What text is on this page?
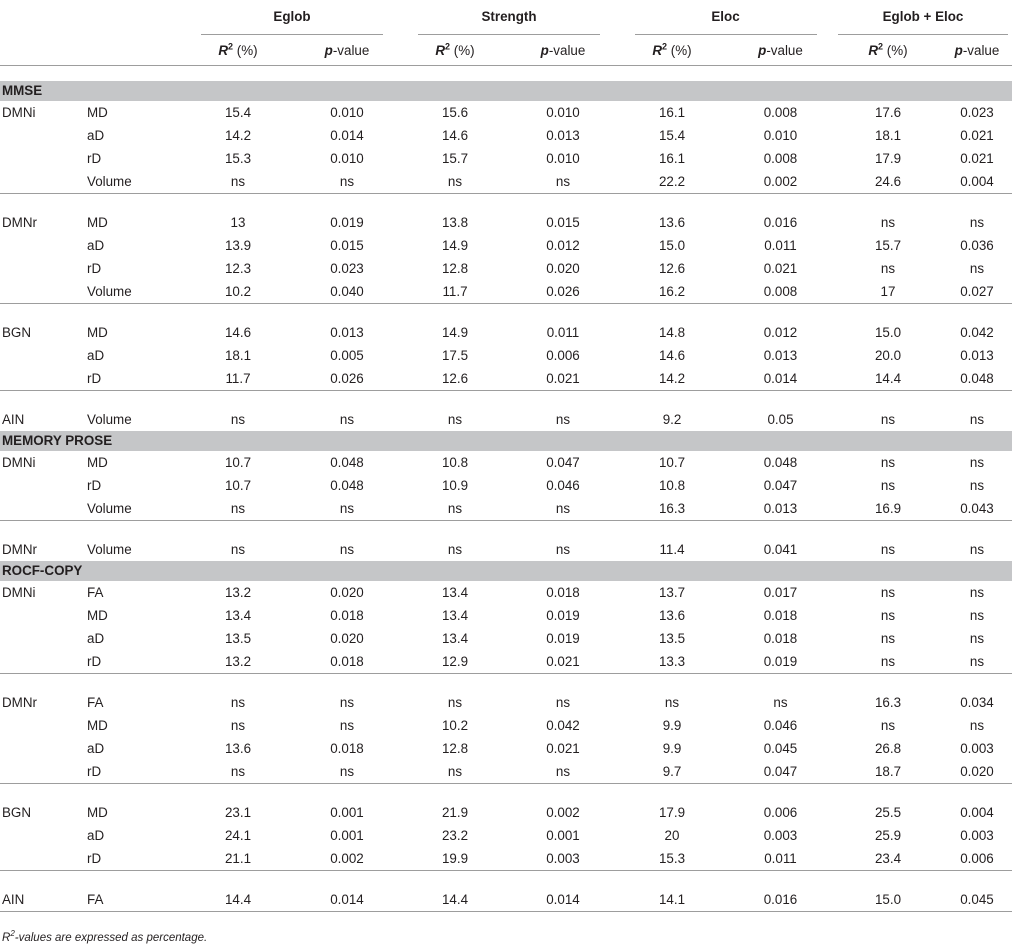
		Eglob		Strength		Eloc		Eglob + Eloc	
		$R^2$ (%)	p-value	$R^2$ (%)	p-value	$R^2$ (%)	p-value	$R^2$ (%)	p-value

MMSE									
DMNi	MD	15.4	0.010	15.6	0.010	16.1	0.008	17.6	0.023
	aD	14.2	0.014	14.6	0.013	15.4	0.010	18.1	0.021
	rD	15.3	0.010	15.7	0.010	16.1	0.008	17.9	0.021
	Volume	ns	ns	ns	ns	22.2	0.002	24.6	0.004

DMNr	MD	13	0.019	13.8	0.015	13.6	0.016	ns	ns
	aD	13.9	0.015	14.9	0.012	15.0	0.011	15.7	0.036
	rD	12.3	0.023	12.8	0.020	12.6	0.021	ns	ns
	Volume	10.2	0.040	11.7	0.026	16.2	0.008	17	0.027

BGN	MD	14.6	0.013	14.9	0.011	14.8	0.012	15.0	0.042
	aD	18.1	0.005	17.5	0.006	14.6	0.013	20.0	0.013
	rD	11.7	0.026	12.6	0.021	14.2	0.014	14.4	0.048

AIN	Volume	ns	ns	ns	ns	9.2	0.05	ns	ns
MEMORY PROSE									
DMNi	MD	10.7	0.048	10.8	0.047	10.7	0.048	ns	ns
	rD	10.7	0.048	10.9	0.046	10.8	0.047	ns	ns
	Volume	ns	ns	ns	ns	16.3	0.013	16.9	0.043

DMNr	Volume	ns	ns	ns	ns	11.4	0.041	ns	ns
ROCF-COPY									
DMNi	FA	13.2	0.020	13.4	0.018	13.7	0.017	ns	ns
	MD	13.4	0.018	13.4	0.019	13.6	0.018	ns	ns
	aD	13.5	0.020	13.4	0.019	13.5	0.018	ns	ns
	rD	13.2	0.018	12.9	0.021	13.3	0.019	ns	ns

DMNr	FA	ns	ns	ns	ns	ns	ns	16.3	0.034
	MD	ns	ns	10.2	0.042	9.9	0.046	ns	ns
	aD	13.6	0.018	12.8	0.021	9.9	0.045	26.8	0.003
	rD	ns	ns	ns	ns	9.7	0.047	18.7	0.020

BGN	MD	23.1	0.001	21.9	0.002	17.9	0.006	25.5	0.004
	aD	24.1	0.001	23.2	0.001	20	0.003	25.9	0.003
	rD	21.1	0.002	19.9	0.003	15.3	0.011	23.4	0.006

AIN	FA	14.4	0.014	14.4	0.014	14.1	0.016	15.0	0.045
$R^2$-values are expressed as percentage.
